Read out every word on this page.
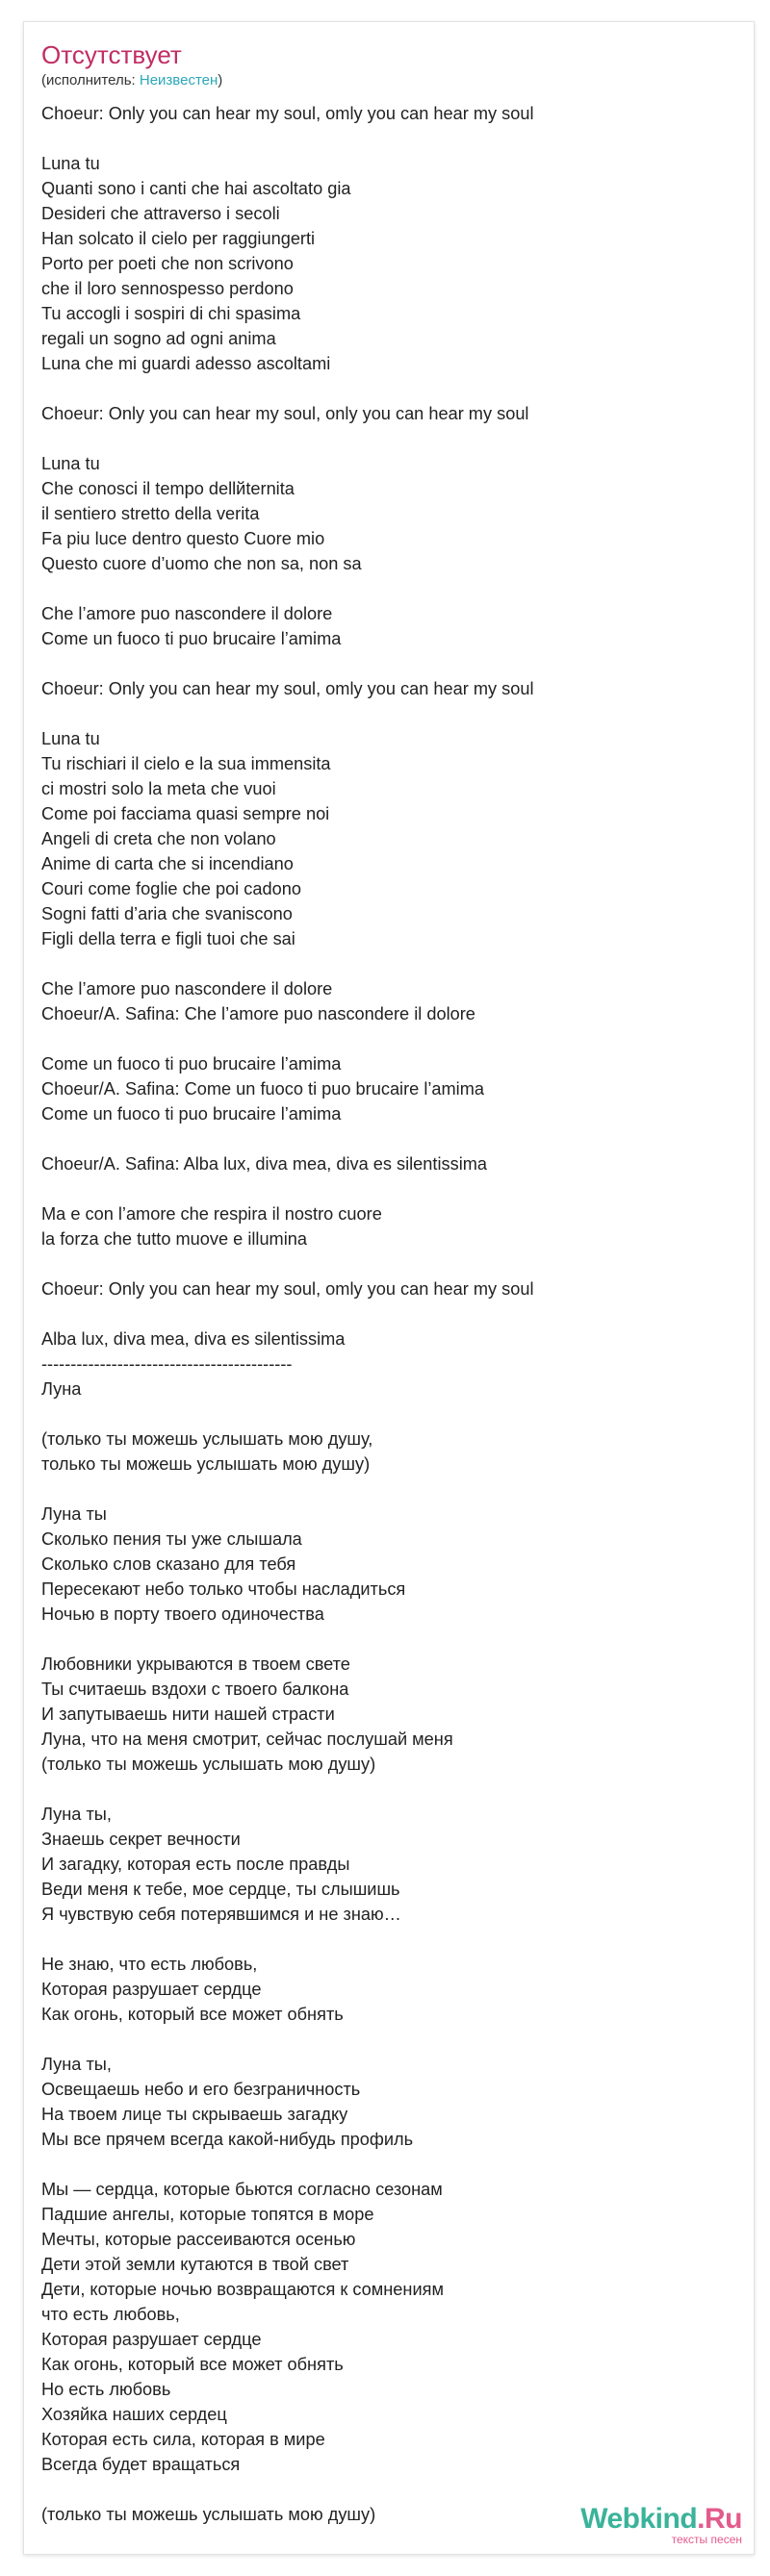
Отсутствует
(исполнитель: Неизвестен)
Choeur: Only you can hear my soul, omly you can hear my soul
Luna tu
Quanti sono i canti che hai ascoltato gia
Desideri che attraverso i secoli
Han solcato il cielo per raggiungerti
Porto per poeti che non scrivono
che il loro sennospesso perdono
Tu accogli i sospiri di chi spasima
regali un sogno ad ogni anima
Luna che mi guardi adesso ascoltami
Choeur: Only you can hear my soul, only you can hear my soul
Luna tu
Che conosci il tempo dellйternita
il sentiero stretto della verita
Fa piu luce dentro questo Cuore mio
Questo cuore d’uomo che non sa, non sa
Che l’amore puo nascondere il dolore
Come un fuoco ti puo brucaire l’amima
Choeur: Only you can hear my soul, omly you can hear my soul
Luna tu
Tu rischiari il cielo e la sua immensita
ci mostri solo la meta che vuoi
Come poi facciama quasi sempre noi
Angeli di creta che non volano
Anime di carta che si incendiano
Couri come foglie che poi cadono
Sogni fatti d’aria che svaniscono
Figli della terra e figli tuoi che sai
Che l’amore puo nascondere il dolore
Choeur/A. Safina: Che l’amore puo nascondere il dolore
Come un fuoco ti puo brucaire l’amima
Choeur/A. Safina: Come un fuoco ti puo brucaire l’amima
Come un fuoco ti puo brucaire l’amima
Choeur/A. Safina: Alba lux, diva mea, diva es silentissima
Ma e con l’amore che respira il nostro cuore
la forza che tutto muove e illumina
Choeur: Only you can hear my soul, omly you can hear my soul
Alba lux, diva mea, diva es silentissima
-------------------------------------------
Луна
(только ты можешь услышать мою душу,
только ты можешь услышать мою душу)
Луна ты
Сколько пения ты уже слышала
Сколько слов сказано для тебя
Пересекают небо только чтобы насладиться
Ночью в порту твоего одиночества
Любовники укрываются в твоем свете
Ты считаешь вздохи с твоего балкона
И запутываешь нити нашей страсти
Луна, что на меня смотрит, сейчас послушай меня
(только ты можешь услышать мою душу)
Луна ты,
Знаешь секрет вечности
И загадку, которая есть после правды
Веди меня к тебе, мое сердце, ты слышишь
Я чувствую себя потерявшимся и не знаю…
Не знаю, что есть любовь,
Которая разрушает сердце
Как огонь, который все может обнять
Луна ты,
Освещаешь небо и его безграничность
На твоем лице ты скрываешь загадку
Мы все прячем всегда какой-нибудь профиль
Мы — сердца, которые бьются согласно сезонам
Падшие ангелы, которые топятся в море
Мечты, которые рассеиваются осенью
Дети этой земли кутаются в твой свет
Дети, которые ночью возвращаются к сомнениям
что есть любовь,
Которая разрушает сердце
Как огонь, который все может обнять
Но есть любовь
Хозяйка наших сердец
Которая есть сила, которая в мире
Всегда будет вращаться
(только ты можешь услышать мою душу)	Webkind.Ru
тексты песен
